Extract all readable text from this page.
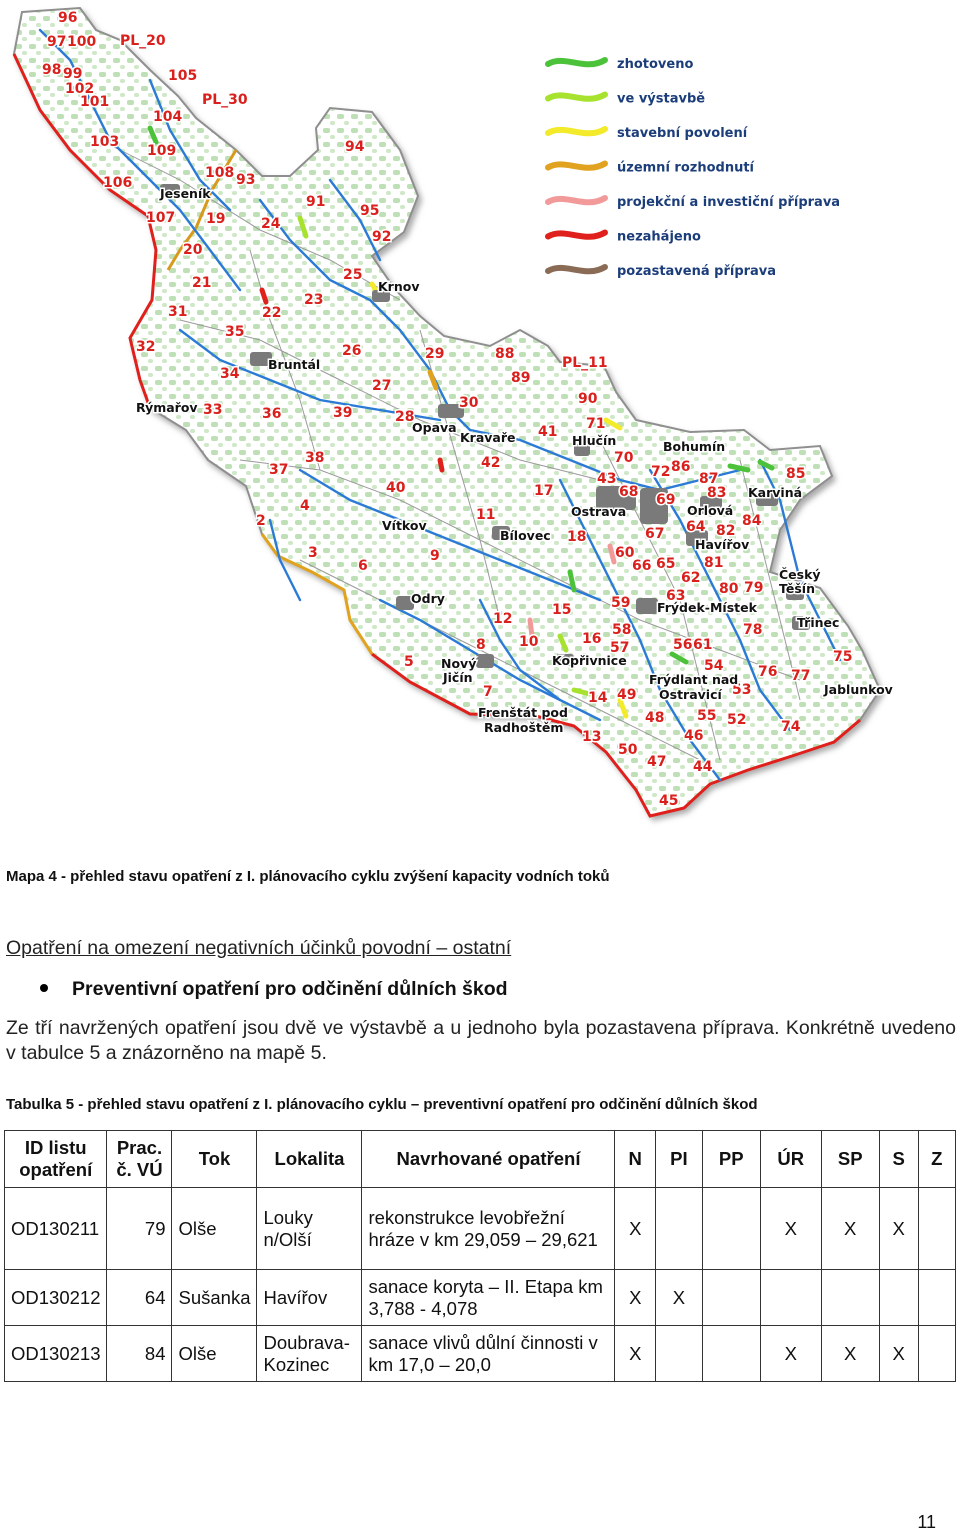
zhotoveno
ve výstavbě
stavební povolení
územní rozhodnutí
projekční a investiční příprava
nezahájeno
pozastavená příprava
96
97 100
98 99
102
101
PL_20
105
PL_30
104
103
109
106
108 93
107 19	24
91
95
92
94
20
21	25
23
22
31
32
35
34
33
26	29	88
89
PL_11
27
39	28
30	90
71
36
38
37
40
42
41
70
86
87	85
43 72
68	83
69
17
11
18
64 82
84
67
4
2
3	9	60
66 65 81
62
80 79
6
63
59
15
12
58	78
16
57	56 61
8 10
54 76 77
75
5
7	14 49	53
48 55 52 74
46
13
50
47 44
45
Jeseník
Krnov
Bruntál
Rýmařov
Opava
Kravaře	Hlučín	Bohumín
Karviná
Orlová
Ostrava
Havířov
Český Těšín
Třinec
Frýdek-Místek
Vítkov
Bílovec
Odry
Nový Jičín
Kopřivnice
Frýdlant nad Ostravicí	Jablunkov
Frenštát pod Radhoštěm
Mapa 4 - přehled stavu opatření z I. plánovacího cyklu zvýšení kapacity vodních toků
Opatření na omezení negativních účinků povodní – ostatní
Preventivní opatření pro odčinění důlních škod
Ze tří navržených opatření jsou dvě ve výstavbě a u jednoho byla pozastavena příprava. Konkrétně uvedeno v tabulce 5 a znázorněno na mapě 5.
Tabulka 5 - přehled stavu opatření z I. plánovacího cyklu – preventivní opatření pro odčinění důlních škod
ID listu opatření	Prac. č. VÚ	Tok	Lokalita	Navrhované opatření	N	PI	PP	ÚR	SP	S	Z
OD130211	79	Olše	Louky n/Olší	rekonstrukce levobřežní hráze v km 29,059 – 29,621	X			X	X	X	
OD130212	64	Sušanka	Havířov	sanace koryta – II. Etapa km 3,788 - 4,078	X	X					
OD130213	84	Olše	Doubrava-Kozinec	sanace vlivů důlní činnosti v km 17,0 – 20,0	X			X	X	X	
11
